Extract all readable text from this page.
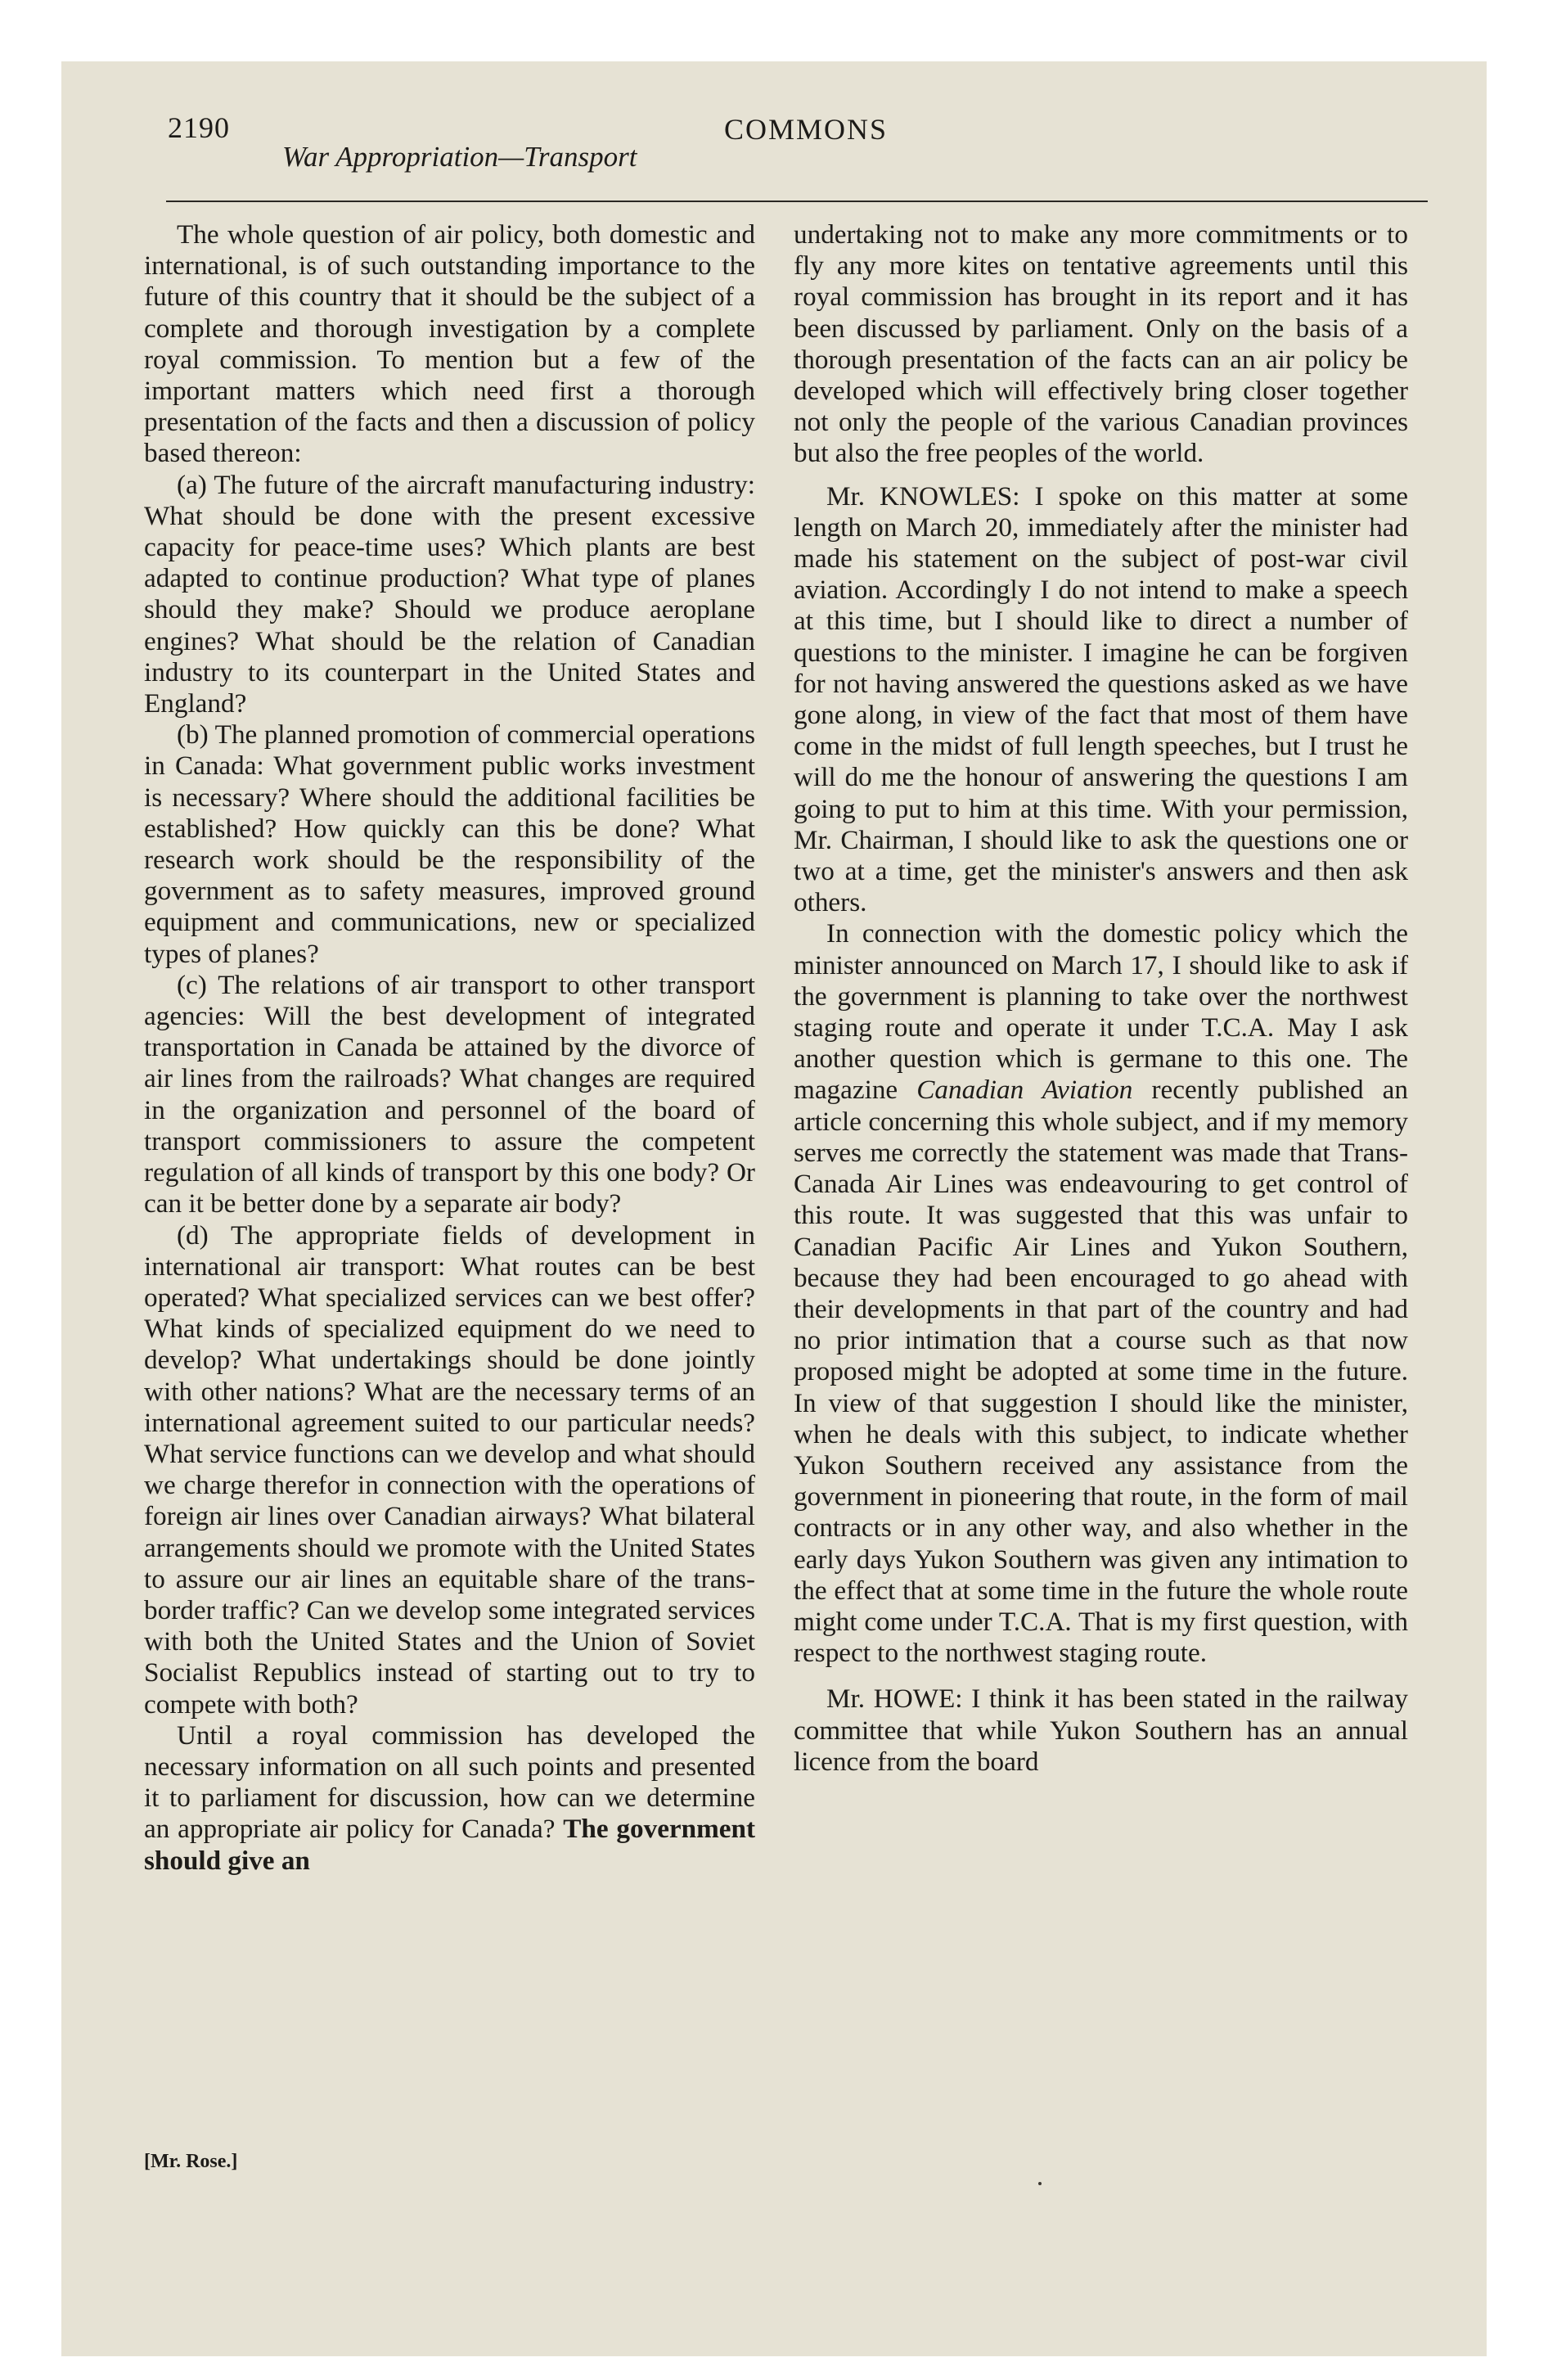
2190	COMMONS
War Appropriation—Transport

The whole question of air policy, both domestic and international, is of such outstanding importance to the future of this country that it should be the subject of a complete and thorough investigation by a complete royal commission. To mention but a few of the important matters which need first a thorough presentation of the facts and then a discussion of policy based thereon:

(a) The future of the aircraft manufacturing industry: What should be done with the present excessive capacity for peace-time uses? Which plants are best adapted to continue production? What type of planes should they make? Should we produce aeroplane engines? What should be the relation of Canadian industry to its counterpart in the United States and England?

(b) The planned promotion of commercial operations in Canada: What government public works investment is necessary? Where should the additional facilities be established? How quickly can this be done? What research work should be the responsibility of the government as to safety measures, improved ground equipment and communications, new or specialized types of planes?

(c) The relations of air transport to other transport agencies: Will the best development of integrated transportation in Canada be attained by the divorce of air lines from the railroads? What changes are required in the organization and personnel of the board of transport commissioners to assure the competent regulation of all kinds of transport by this one body? Or can it be better done by a separate air body?

(d) The appropriate fields of development in international air transport: What routes can be best operated? What specialized services can we best offer? What kinds of specialized equipment do we need to develop? What undertakings should be done jointly with other nations? What are the necessary terms of an international agreement suited to our particular needs? What service functions can we develop and what should we charge therefor in connection with the operations of foreign air lines over Canadian airways? What bilateral arrangements should we promote with the United States to assure our air lines an equitable share of the trans-border traffic? Can we develop some integrated services with both the United States and the Union of Soviet Socialist Republics instead of starting out to try to compete with both?

Until a royal commission has developed the necessary information on all such points and presented it to parliament for discussion, how can we determine an appropriate air policy for Canada? The government should give an

[Mr. Rose.]

undertaking not to make any more commitments or to fly any more kites on tentative agreements until this royal commission has brought in its report and it has been discussed by parliament. Only on the basis of a thorough presentation of the facts can an air policy be developed which will effectively bring closer together not only the people of the various Canadian provinces but also the free peoples of the world.

Mr. KNOWLES: I spoke on this matter at some length on March 20, immediately after the minister had made his statement on the subject of post-war civil aviation. Accordingly I do not intend to make a speech at this time, but I should like to direct a number of questions to the minister. I imagine he can be forgiven for not having answered the questions asked as we have gone along, in view of the fact that most of them have come in the midst of full length speeches, but I trust he will do me the honour of answering the questions I am going to put to him at this time. With your permission, Mr. Chairman, I should like to ask the questions one or two at a time, get the minister's answers and then ask others.

In connection with the domestic policy which the minister announced on March 17, I should like to ask if the government is planning to take over the northwest staging route and operate it under T.C.A. May I ask another question which is germane to this one. The magazine Canadian Aviation recently published an article concerning this whole subject, and if my memory serves me correctly the statement was made that Trans-Canada Air Lines was endeavouring to get control of this route. It was suggested that this was unfair to Canadian Pacific Air Lines and Yukon Southern, because they had been encouraged to go ahead with their developments in that part of the country and had no prior intimation that a course such as that now proposed might be adopted at some time in the future. In view of that suggestion I should like the minister, when he deals with this subject, to indicate whether Yukon Southern received any assistance from the government in pioneering that route, in the form of mail contracts or in any other way, and also whether in the early days Yukon Southern was given any intimation to the effect that at some time in the future the whole route might come under T.C.A. That is my first question, with respect to the northwest staging route.

Mr. HOWE: I think it has been stated in the railway committee that while Yukon Southern has an annual licence from the board
